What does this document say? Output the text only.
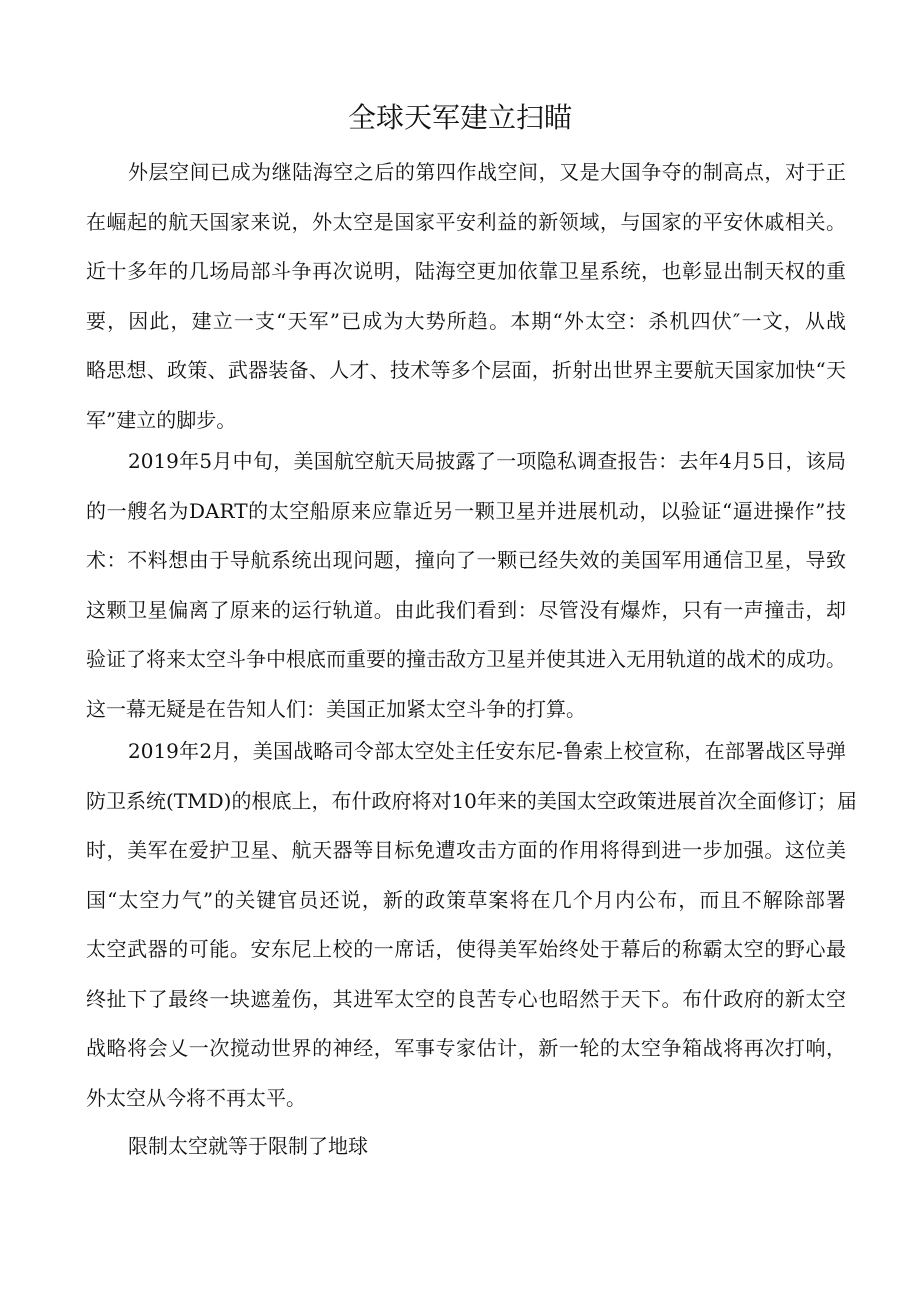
全球天军建立扫瞄
外层空间已成为继陆海空之后的第四作战空间，又是大国争夺的制高点，对于正
在崛起的航天国家来说，外太空是国家平安利益的新领域，与国家的平安休戚相关。
近十多年的几场局部斗争再次说明，陆海空更加依靠卫星系统，也彰显出制天权的重
要，因此，建立一支“天军”已成为大势所趋。本期“外太空：杀机四伏″一文，从战
略思想、政策、武器装备、人才、技术等多个层面，折射出世界主要航天国家加快“天
军”建立的脚步。
2019年5月中旬，美国航空航天局披露了一项隐私调查报告：去年4月5日，该局
的一艘名为DART的太空船原来应靠近另一颗卫星并进展机动，以验证“逼进操作”技
术：不料想由于导航系统出现问题，撞向了一颗已经失效的美国军用通信卫星，导致
这颗卫星偏离了原来的运行轨道。由此我们看到：尽管没有爆炸，只有一声撞击，却
验证了将来太空斗争中根底而重要的撞击敌方卫星并使其进入无用轨道的战术的成功。
这一幕无疑是在告知人们：美国正加紧太空斗争的打算。
2019年2月，美国战略司令部太空处主任安东尼-鲁索上校宣称，在部署战区导弹
防卫系统(TMD)的根底上，布什政府将对10年来的美国太空政策进展首次全面修订；届
时，美军在爱护卫星、航天器等目标免遭攻击方面的作用将得到进一步加强。这位美
国“太空力气”的关键官员还说，新的政策草案将在几个月内公布，而且不解除部署
太空武器的可能。安东尼上校的一席话，使得美军始终处于幕后的称霸太空的野心最
终扯下了最终一块遮羞伤，其进军太空的良苦专心也昭然于天下。布什政府的新太空
战略将会乂一次搅动世界的神经，军事专家估计，新一轮的太空争箱战将再次打响，
外太空从今将不再太平。
限制太空就等于限制了地球
